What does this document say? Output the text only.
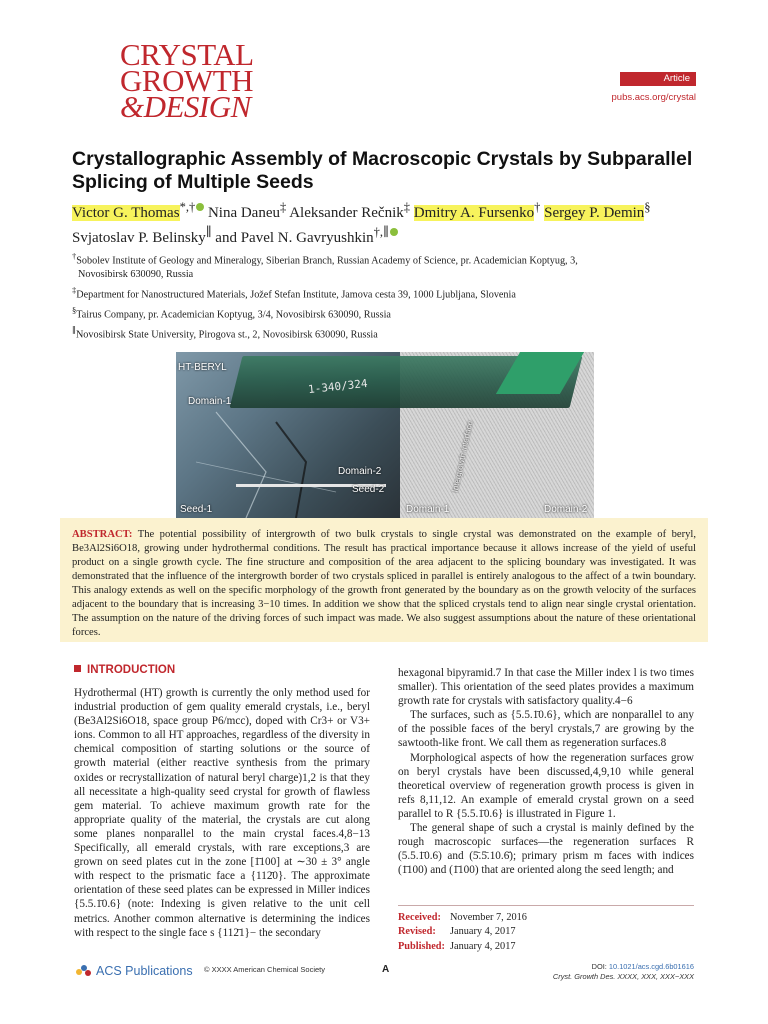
CRYSTAL
GROWTH
&DESIGN
Article
pubs.acs.org/crystal
Crystallographic Assembly of Macroscopic Crystals by Subparallel
Splicing of Multiple Seeds
Victor G. Thomas*,† Nina Daneu‡ Aleksander Rečnik‡ Dmitry A. Fursenko† Sergey P. Demin§
Svjatoslav P. Belinsky∥ and Pavel N. Gavryushkin†,∥

†Sobolev Institute of Geology and Mineralogy, Siberian Branch, Russian Academy of Science, pr. Academician Koptyug, 3,
Novosibirsk 630090, Russia

‡Department for Nanostructured Materials, Jožef Stefan Institute, Jamova cesta 39, 1000 Ljubljana, Slovenia

§Tairus Company, pr. Academician Koptyug, 3/4, Novosibirsk 630090, Russia

∥Novosibirsk State University, Pirogova st., 2, Novosibirsk 630090, Russia

1-340/324
HT-BERYL
Domain-1
Domain-2
Seed-2
Seed-1	Domain-1	Domain-2
Intergrowth interface

ABSTRACT: The potential possibility of intergrowth of two bulk crystals to single crystal was demonstrated on the example of beryl, Be3Al2Si6O18, growing under hydrothermal conditions. The result has practical importance because it allows increase of the yield of useful product on a single growth cycle. The fine structure and composition of the area adjacent to the splicing boundary was investigated. It was demonstrated that the influence of the intergrowth border of two crystals spliced in parallel is entirely analogous to the affect of a twin boundary. This analogy extends as well on the specific morphology of the growth front generated by the boundary as on the growth velocity of the surfaces adjacent to the boundary that is increasing 3−10 times. In addition we show that the spliced crystals tend to align near single crystal orientation. The assumption on the nature of the driving forces of such impact was made. We also suggest assumptions about the nature of these orientational forces.

INTRODUCTION

Hydrothermal (HT) growth is currently the only method used for industrial production of gem quality emerald crystals, i.e., beryl (Be3Al2Si6O18, space group P6/mcc), doped with Cr3+ or V3+ ions. Common to all HT approaches, regardless of the diversity in chemical composition of starting solutions or the source of growth material (either reactive synthesis from the primary oxides or recrystallization of natural beryl charge)1,2 is that they all necessitate a high-quality seed crystal for growth of flawless gem material. To achieve maximum growth rate for the appropriate quality of the material, the crystals are cut along some planes nonparallel to the main crystal faces.4,8−13 Specifically, all emerald crystals, with rare exceptions,3 are grown on seed plates cut in the zone [1̄100] at ∼30 ± 3° angle with respect to the prismatic face a {112̄0}. The approximate orientation of these seed plates can be expressed in Miller indices {5.5.1̄0.6} (note: Indexing is given relative to the unit cell metrics. Another common alternative is determining the indices with respect to the single face s {112̄1}− the secondary

hexagonal bipyramid.7 In that case the Miller index l is two times smaller). This orientation of the seed plates provides a maximum growth rate for crystals with satisfactory quality.4−6

The surfaces, such as {5.5.1̄0.6}, which are nonparallel to any of the possible faces of the beryl crystals,7 are growing by the sawtooth-like front. We call them as regeneration surfaces.8

Morphological aspects of how the regeneration surfaces grow on beryl crystals have been discussed,4,9,10 while general theoretical overview of regeneration growth process is given in refs 8,11,12. An example of emerald crystal grown on a seed parallel to R {5.5.1̄0.6} is illustrated in Figure 1.

The general shape of such a crystal is mainly defined by the rough macroscopic surfaces—the regeneration surfaces R (5.5.1̄0.6) and (5̄.5̄.10.6̄); primary prism m faces with indices (1̄100) and (1̄100) that are oriented along the seed length; and

Received: November 7, 2016
Revised: January 4, 2017
Published: January 4, 2017
ACS Publications © XXXX American Chemical Society	A	DOI: 10.1021/acs.cgd.6b01616
Cryst. Growth Des. XXXX, XXX, XXX−XXX
